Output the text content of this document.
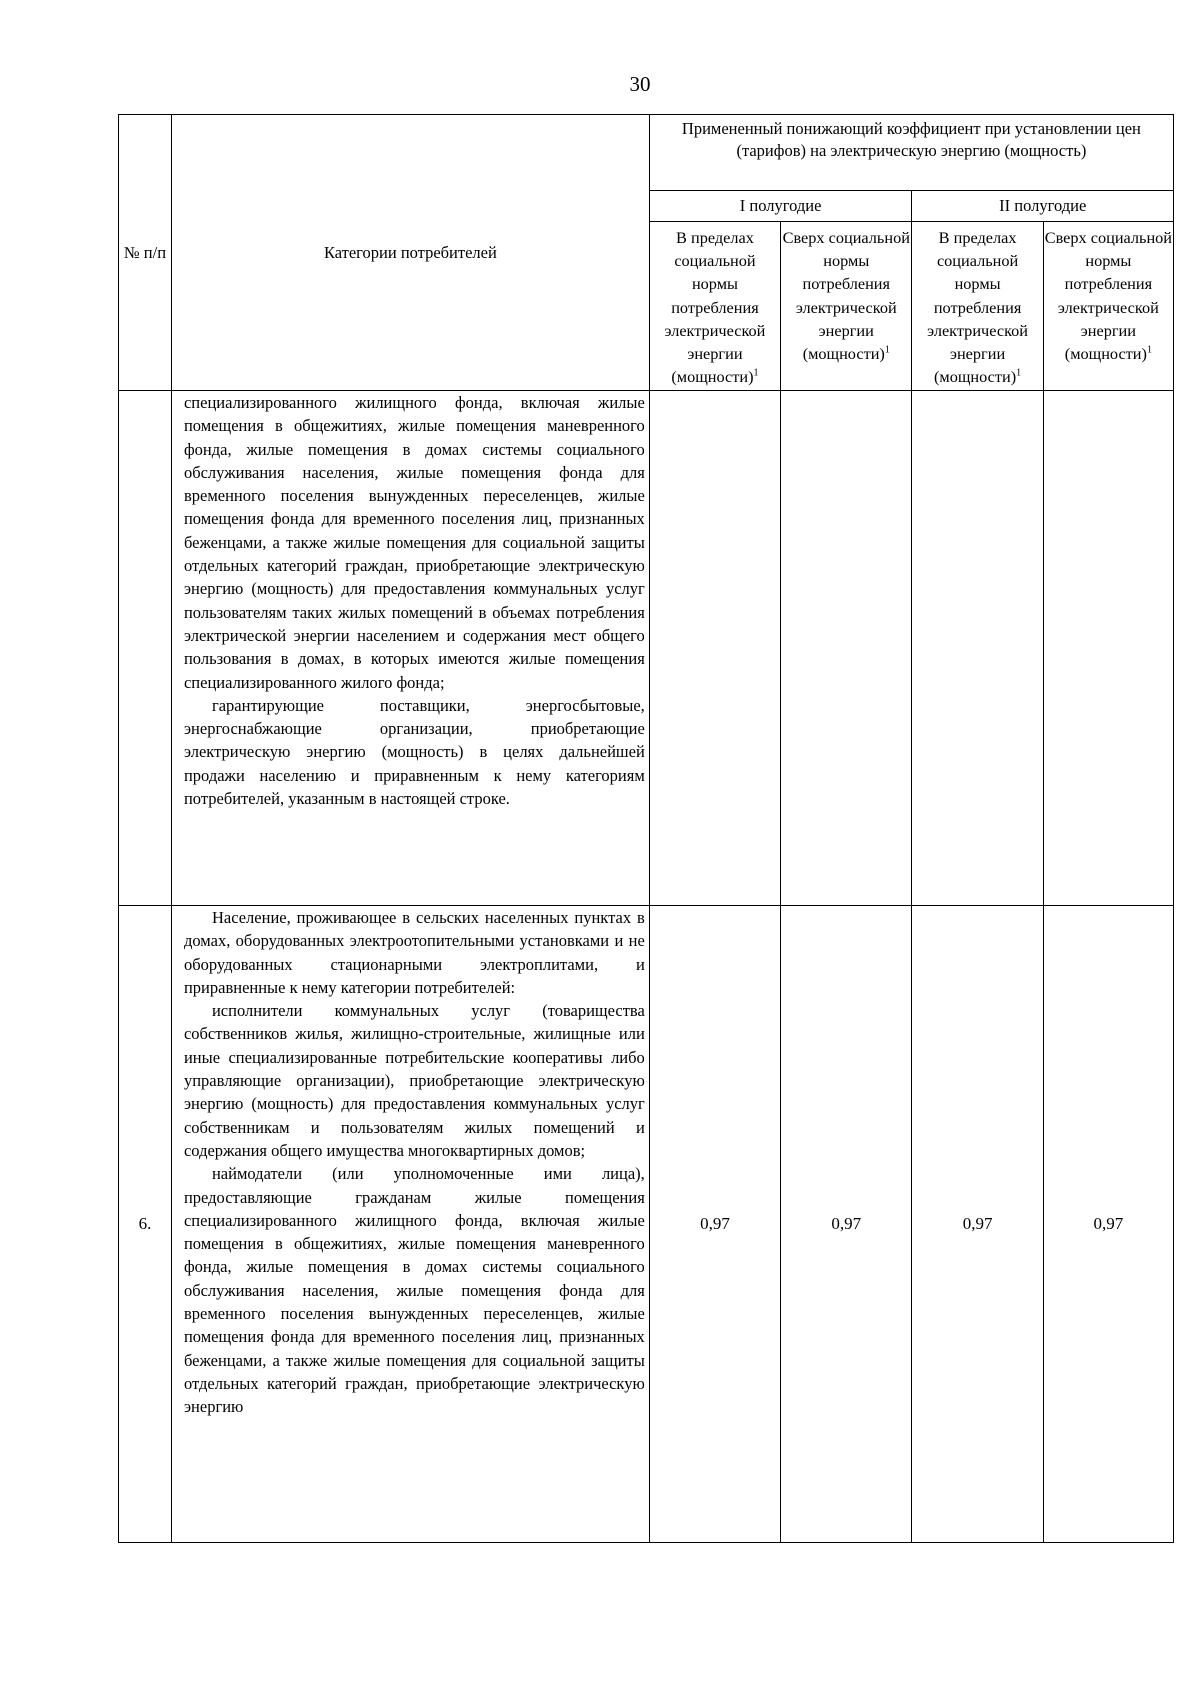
30
№ п/п	Категории потребителей	Примененный понижающий коэффициент при установлении цен (тарифов) на электрическую энергию (мощность)			
		I полугодие		II полугодие	
		В пределах социальной нормы потребления электрической энергии (мощности)$^1$	Сверх социальной нормы потребления электрической энергии (мощности)$^1$	В пределах социальной нормы потребления электрической энергии (мощности)$^1$	Сверх социальной нормы потребления электрической энергии (мощности)$^1$

	специализированного жилищного фонда, включая жилые помещения в общежитиях, жилые помещения маневренного фонда, жилые помещения в домах системы социального обслуживания населения, жилые помещения фонда для временного поселения вынужденных переселенцев, жилые помещения фонда для временного поселения лиц, признанных беженцами, а также жилые помещения для социальной защиты отдельных категорий граждан, приобретающие электрическую энергию (мощность) для предоставления коммунальных услуг пользователям таких жилых помещений в объемах потребления электрической энергии населением и содержания мест общего пользования в домах, в которых имеются жилые помещения специализированного жилого фонда;

гарантирующие поставщики, энергосбытовые, энергоснабжающие организации, приобретающие электрическую энергию (мощность) в целях дальнейшей продажи населению и приравненным к нему категориям потребителей, указанным в настоящей строке.				

6.	Население, проживающее в сельских населенных пунктах в домах, оборудованных электроотопительными установками и не оборудованных стационарными электроплитами, и приравненные к нему категории потребителей:

исполнители коммунальных услуг (товарищества собственников жилья, жилищно-строительные, жилищные или иные специализированные потребительские кооперативы либо управляющие организации), приобретающие электрическую энергию (мощность) для предоставления коммунальных услуг собственникам и пользователям жилых помещений и содержания общего имущества многоквартирных домов;

наймодатели (или уполномоченные ими лица), предоставляющие гражданам жилые помещения специализированного жилищного фонда, включая жилые помещения в общежитиях, жилые помещения маневренного фонда, жилые помещения в домах системы социального обслуживания населения, жилые помещения фонда для временного поселения вынужденных переселенцев, жилые помещения фонда для временного поселения лиц, признанных беженцами, а также жилые помещения для социальной защиты отдельных категорий граждан, приобретающие электрическую энергию	0,97	0,97	0,97	0,97
